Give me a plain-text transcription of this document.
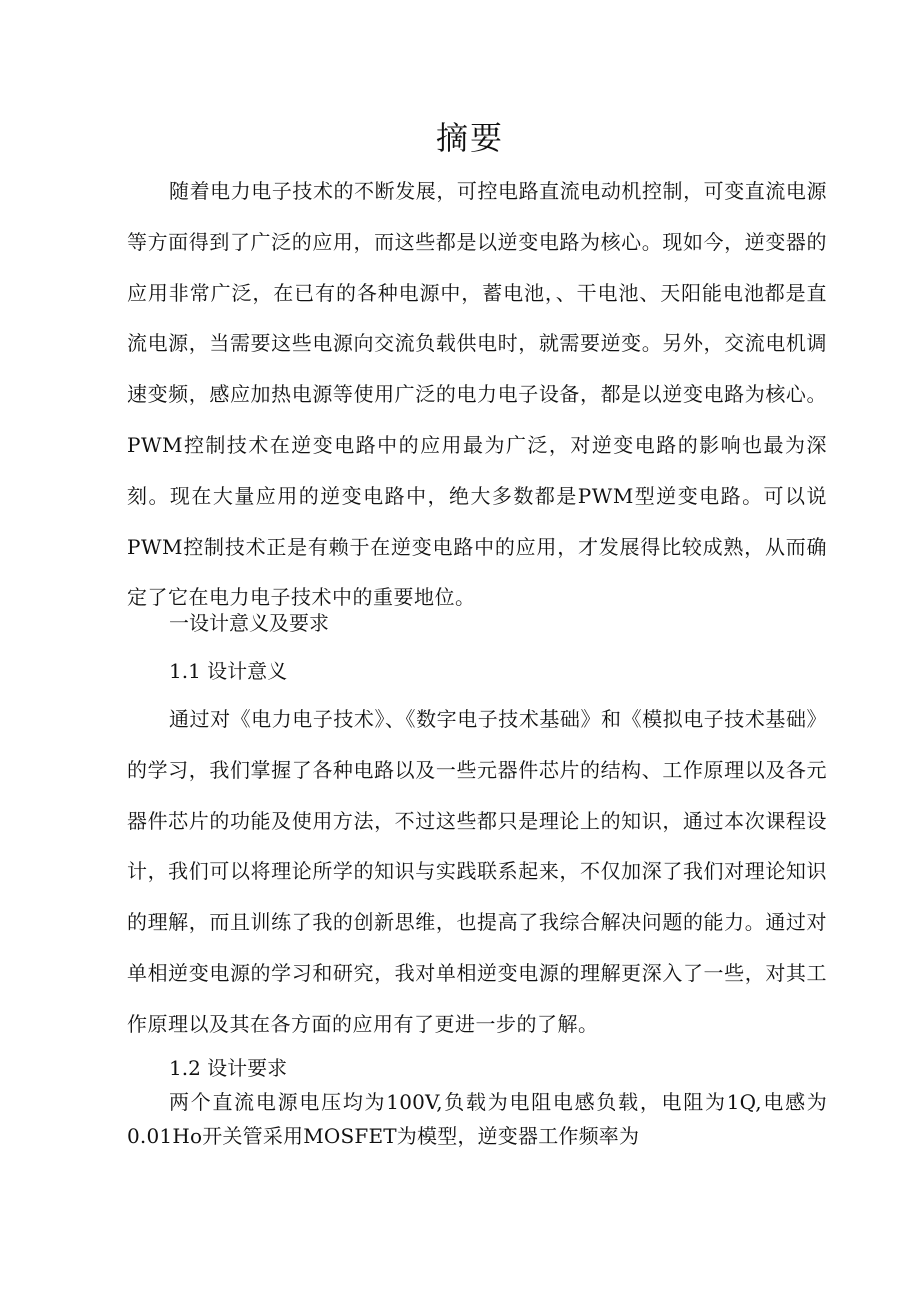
摘要

随着电力电子技术的不断发展，可控电路直流电动机控制，可变直流电源等方面得到了广泛的应用，而这些都是以逆变电路为核心。现如今，逆变器的应用非常广泛，在已有的各种电源中，蓄电池，、干电池、天阳能电池都是直流电源，当需要这些电源向交流负载供电时，就需要逆变。另外，交流电机调速变频，感应加热电源等使用广泛的电力电子设备，都是以逆变电路为核心。PWM控制技术在逆变电路中的应用最为广泛，对逆变电路的影响也最为深刻。现在大量应用的逆变电路中，绝大多数都是PWM型逆变电路。可以说PWM控制技术正是有赖于在逆变电路中的应用，才发展得比较成熟，从而确定了它在电力电子技术中的重要地位。

一设计意义及要求
1.1 设计意义

通过对《电力电子技术》、《数字电子技术基础》和《模拟电子技术基础》的学习，我们掌握了各种电路以及一些元器件芯片的结构、工作原理以及各元器件芯片的功能及使用方法，不过这些都只是理论上的知识，通过本次课程设计，我们可以将理论所学的知识与实践联系起来，不仅加深了我们对理论知识的理解，而且训练了我的创新思维，也提高了我综合解决问题的能力。通过对单相逆变电源的学习和研究，我对单相逆变电源的理解更深入了一些，对其工作原理以及其在各方面的应用有了更进一步的了解。

1.2 设计要求

两个直流电源电压均为100V,负载为电阻电感负载，电阻为1Q,电感为0.01Ho开关管采用MOSFET为模型，逆变器工作频率为
